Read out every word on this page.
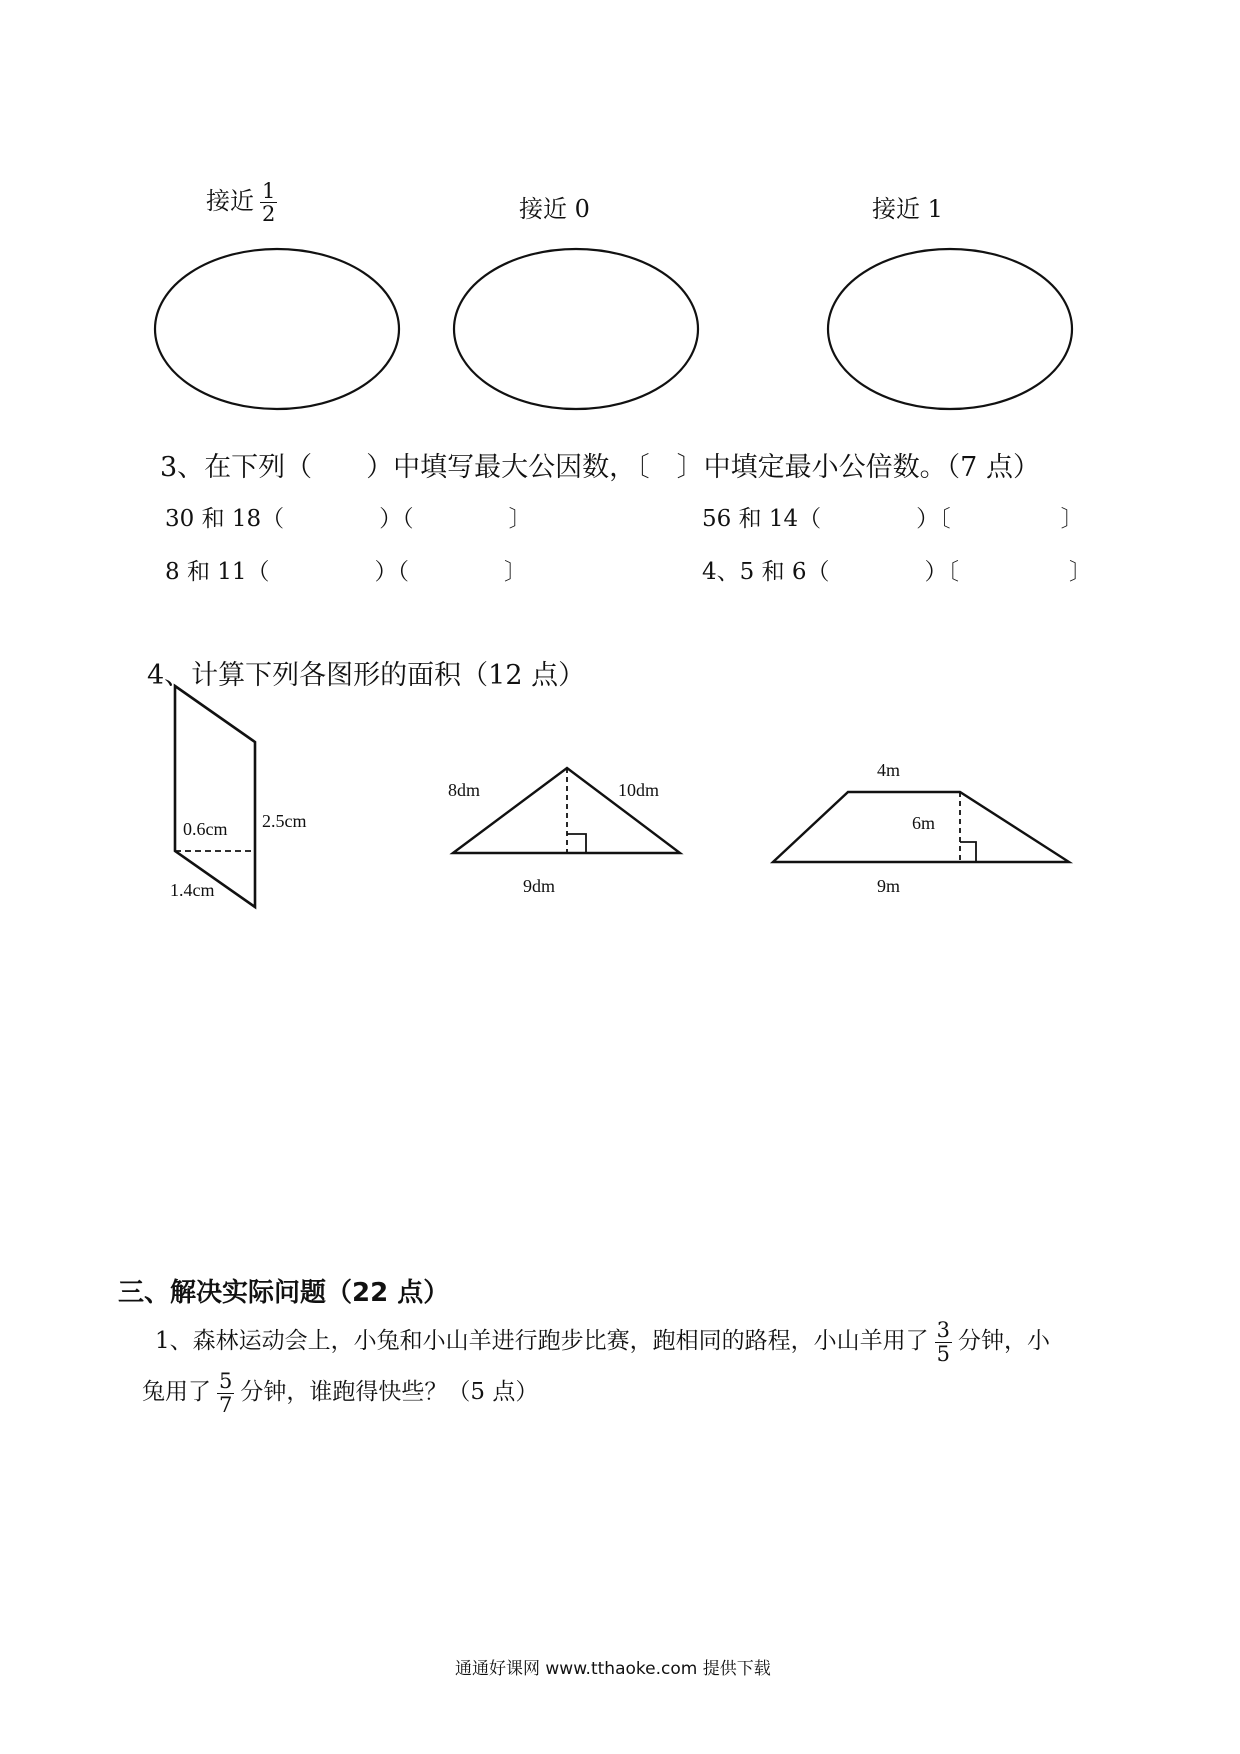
接近 $\frac{1}{2}$	接近 0	接近 1
3、在下列（　　）中填写最大公因数，〔　〕中填定最小公倍数。（7 点）
30 和 18（	）（	〕	56 和 14（	）〔	〕
8 和 11（	）（	〕	4、5 和 6（	）〔	〕
4、计算下列各图形的面积（12 点）
0.6cm 2.5cm
1.4cm
8dm	10dm
9dm
4m
6m
9m
三、解决实际问题（22 点）
1、森林运动会上，小兔和小山羊进行跑步比赛，跑相同的路程，小山羊用了 $\frac{3}{5}$ 分钟，小
兔用了 $\frac{5}{7}$ 分钟，谁跑得快些？（5 点）
通通好课网 www.tthaoke.com 提供下载
